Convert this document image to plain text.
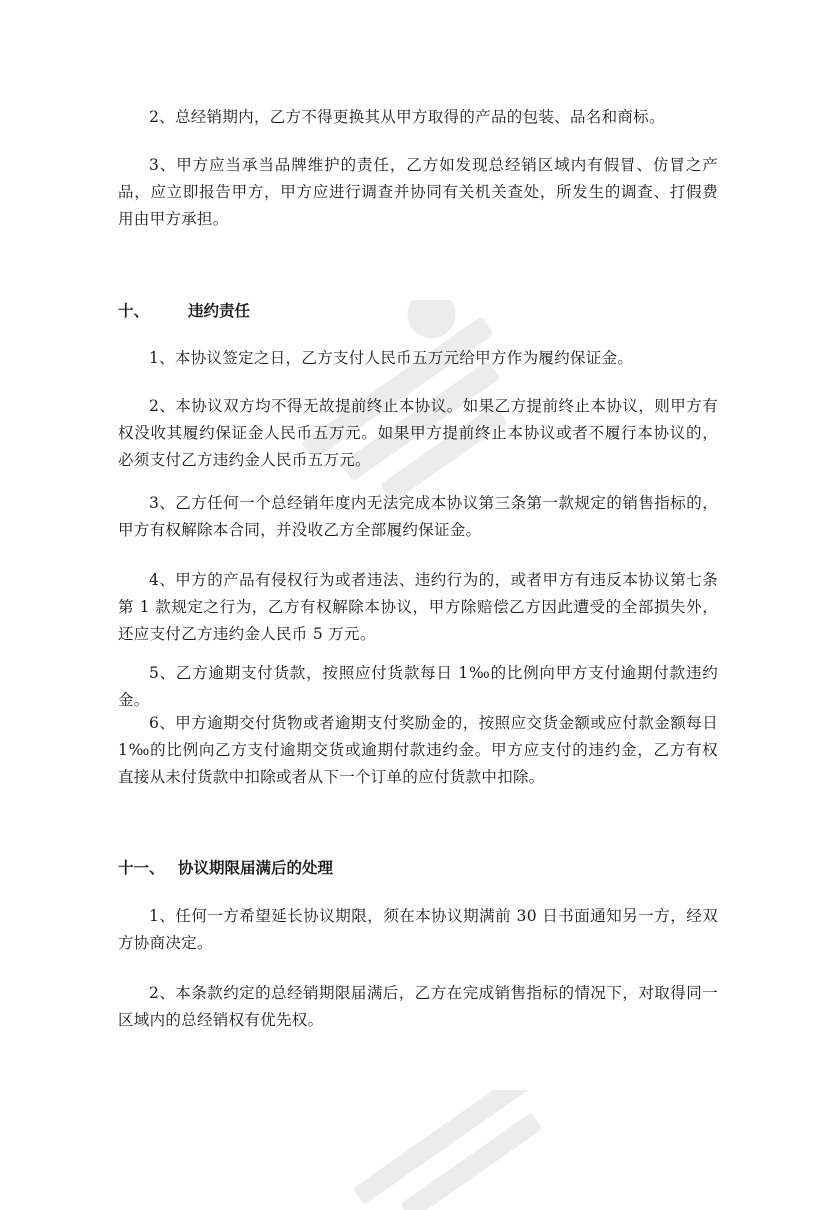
2、总经销期内，乙方不得更换其从甲方取得的产品的包装、品名和商标。

3、甲方应当承当品牌维护的责任，乙方如发现总经销区域内有假冒、仿冒之产品，应立即报告甲方，甲方应进行调查并协同有关机关查处，所发生的调查、打假费用由甲方承担。

十、	违约责任

1、本协议签定之日，乙方支付人民币五万元给甲方作为履约保证金。

2、本协议双方均不得无故提前终止本协议。如果乙方提前终止本协议，则甲方有权没收其履约保证金人民币五万元。如果甲方提前终止本协议或者不履行本协议的，必须支付乙方违约金人民币五万元。

3、乙方任何一个总经销年度内无法完成本协议第三条第一款规定的销售指标的，甲方有权解除本合同，并没收乙方全部履约保证金。

4、甲方的产品有侵权行为或者违法、违约行为的，或者甲方有违反本协议第七条第 1 款规定之行为，乙方有权解除本协议，甲方除赔偿乙方因此遭受的全部损失外，还应支付乙方违约金人民币 5 万元。

5、乙方逾期支付货款，按照应付货款每日 1‰的比例向甲方支付逾期付款违约金。

6、甲方逾期交付货物或者逾期支付奖励金的，按照应交货金额或应付款金额每日 1‰的比例向乙方支付逾期交货或逾期付款违约金。甲方应支付的违约金，乙方有权直接从未付货款中扣除或者从下一个订单的应付货款中扣除。

十一、 协议期限届满后的处理

1、任何一方希望延长协议期限，须在本协议期满前 30 日书面通知另一方，经双方协商决定。

2、本条款约定的总经销期限届满后，乙方在完成销售指标的情况下，对取得同一区域内的总经销权有优先权。
